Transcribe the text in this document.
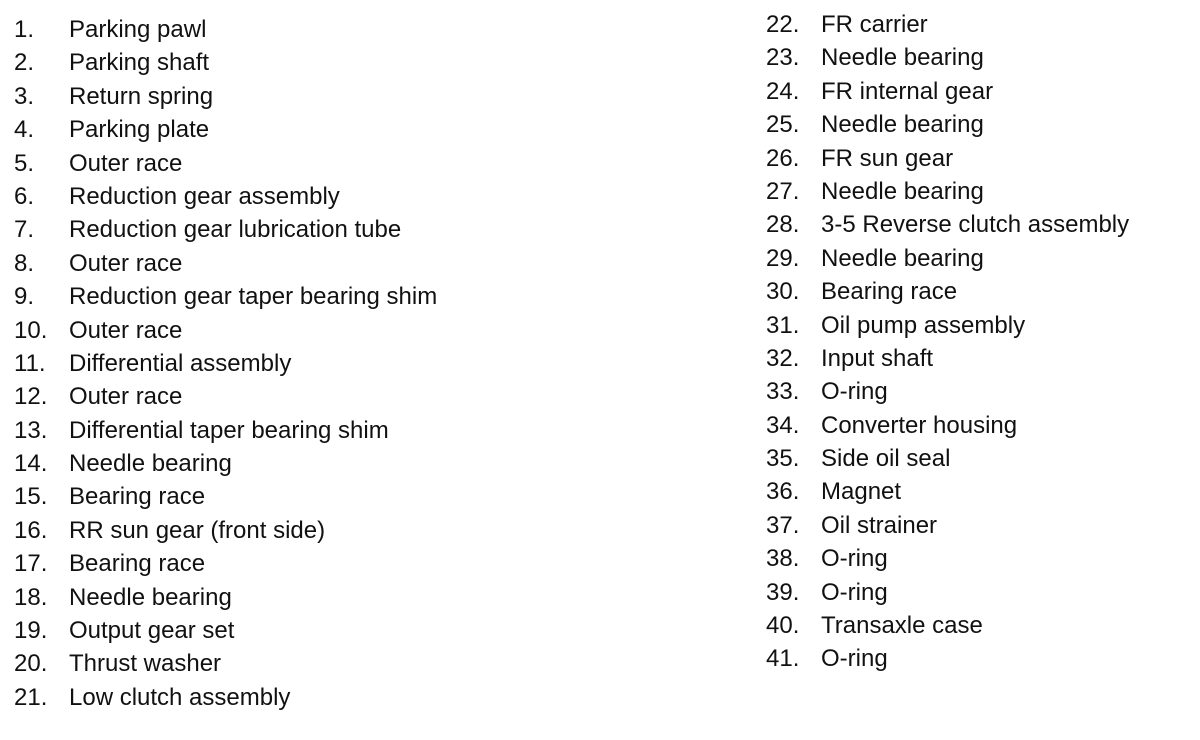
1.	Parking pawl
2.	Parking shaft
3.	Return spring
4.	Parking plate
5.	Outer race
6.	Reduction gear assembly
7.	Reduction gear lubrication tube
8.	Outer race
9.	Reduction gear taper bearing shim
10. Outer race
11. Differential assembly
12. Outer race
13. Differential taper bearing shim
14. Needle bearing
15. Bearing race
16. RR sun gear (front side)
17. Bearing race
18. Needle bearing
19. Output gear set
20. Thrust washer
21. Low clutch assembly
22. FR carrier
23. Needle bearing
24. FR internal gear
25. Needle bearing
26. FR sun gear
27. Needle bearing
28. 3-5 Reverse clutch assembly
29. Needle bearing
30. Bearing race
31. Oil pump assembly
32. Input shaft
33. O-ring
34. Converter housing
35. Side oil seal
36. Magnet
37. Oil strainer
38. O-ring
39. O-ring
40. Transaxle case
41. O-ring
